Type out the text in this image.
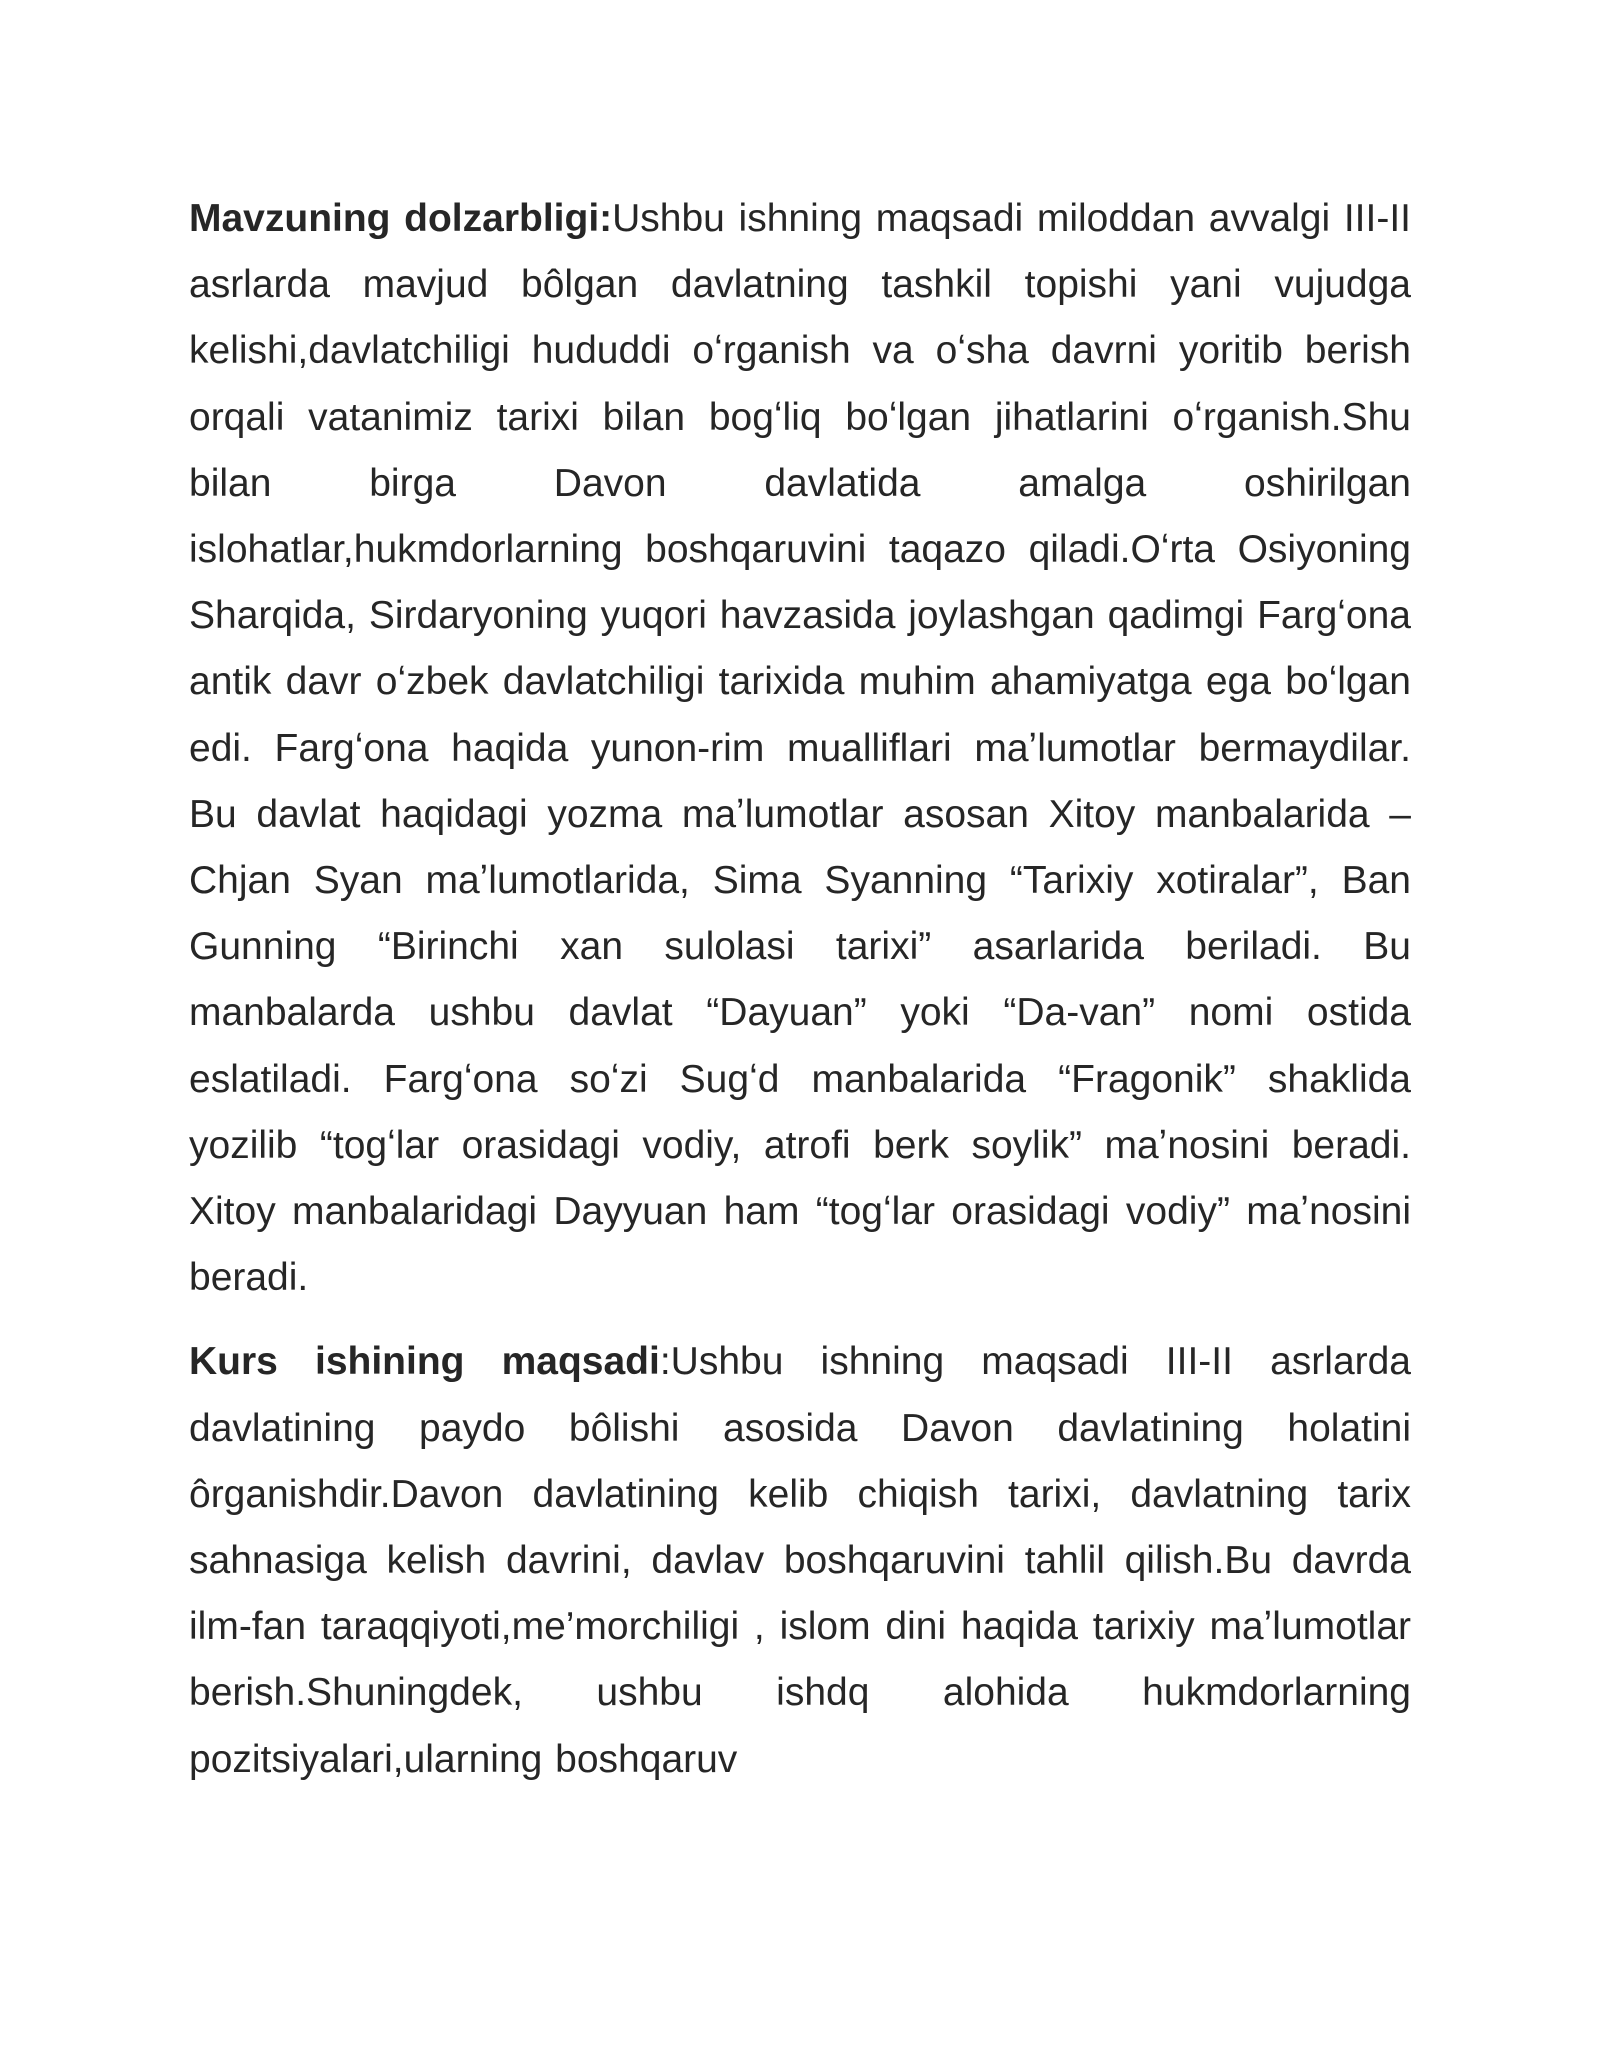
Mavzuning dolzarbligi:Ushbu ishning maqsadi miloddan avvalgi III-II asrlarda mavjud bôlgan davlatning tashkil topishi yani vujudga kelishi,davlatchiligi hududdi oʻrganish va oʻsha davrni yoritib berish orqali vatanimiz tarixi bilan bogʻliq boʻlgan jihatlarini oʻrganish.Shu bilan birga Davon davlatida amalga oshirilgan islohatlar,hukmdorlarning boshqaruvini taqazo qiladi.Oʻrta Osiyoning Sharqida, Sirdaryoning yuqori havzasida joylashgan qadimgi Fargʻona antik davr oʻzbek davlatchiligi tarixida muhim ahamiyatga ega boʻlgan edi. Fargʻona haqida yunon-rim mualliflari maʼlumotlar bermaydilar. Bu davlat haqidagi yozma maʼlumotlar asosan Xitoy manbalarida – Chjan Syan maʼlumotlarida, Sima Syanning “Tarixiy xotiralar”, Ban Gunning “Birinchi xan sulolasi tarixi” asarlarida beriladi. Bu manbalarda ushbu davlat “Dayuan” yoki “Da-van” nomi ostida eslatiladi. Fargʻona soʻzi Sugʻd manbalarida “Fragonik” shaklida yozilib “togʻlar orasidagi vodiy, atrofi berk soylik” maʼnosini beradi. Xitoy manbalaridagi Dayyuan ham “togʻlar orasidagi vodiy” maʼnosini beradi.

Kurs ishining maqsadi:Ushbu ishning maqsadi III-II asrlarda davlatining paydo bôlishi asosida Davon davlatining holatini ôrganishdir.Davon davlatining kelib chiqish tarixi, davlatning tarix sahnasiga kelish davrini, davlav boshqaruvini tahlil qilish.Bu davrda ilm-fan taraqqiyoti,me’morchiligi , islom dini haqida tarixiy maʼlumotlar berish.Shuningdek, ushbu ishdq alohida hukmdorlarning pozitsiyalari,ularning boshqaruv
